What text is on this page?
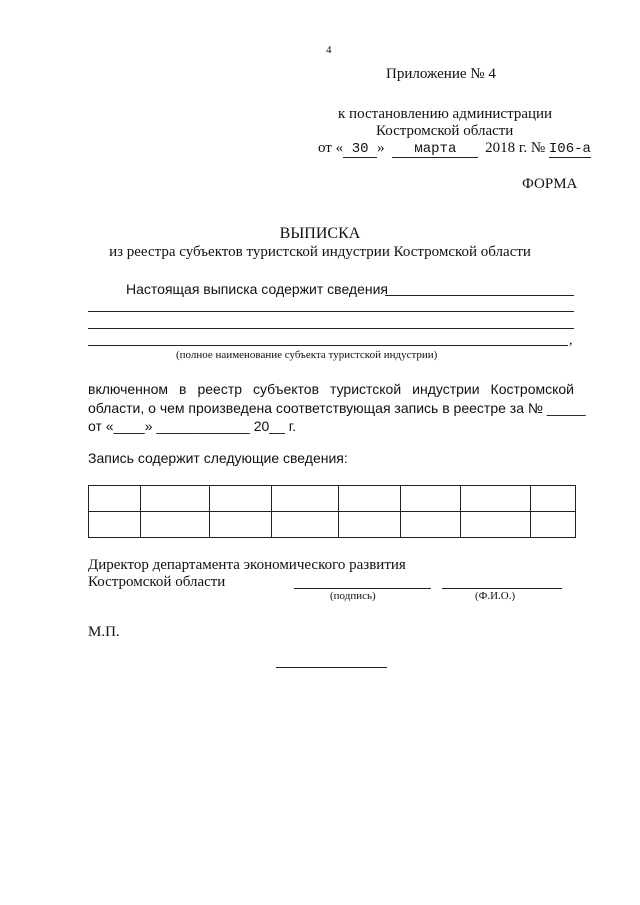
4
Приложение № 4
к постановлению администрации
Костромской области
от « 30 » марта 2018 г. № I06-а
ФОРМА
ВЫПИСКА
из реестра субъектов туристской индустрии Костромской области
Настоящая выписка содержит сведения
,
(полное наименование субъекта туристской индустрии)
включенном в реестр субъектов туристской индустрии Костромской
области, о чем произведена соответствующая запись в реестре за № _____
от «____» ____________ 20__ г.
Запись содержит следующие сведения:

Директор департамента экономического развития
Костромской области
(подпись)	(Ф.И.О.)
М.П.
